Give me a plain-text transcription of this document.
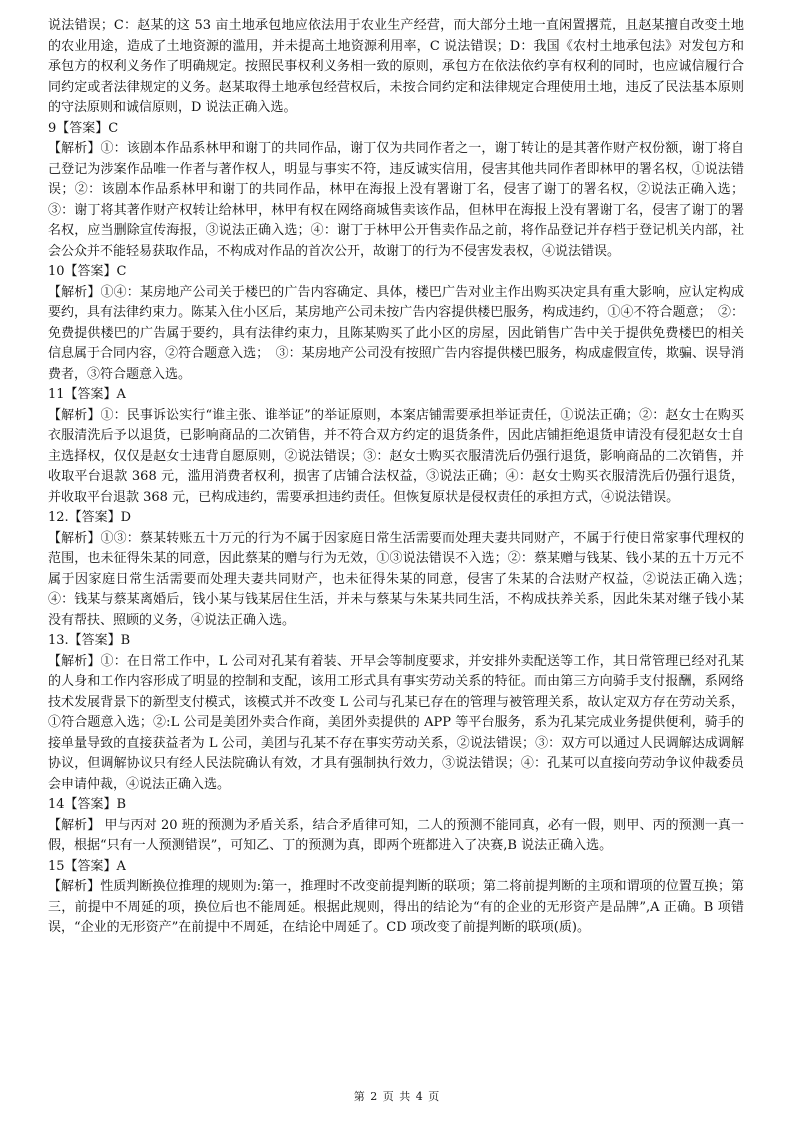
说法错误；C：赵某的这 53 亩土地承包地应依法用于农业生产经营，而大部分土地一直闲置撂荒，且赵某擅自改变土地的农业用途，造成了土地资源的滥用，并未提高土地资源利用率，C 说法错误；D：我国《农村土地承包法》对发包方和承包方的权利义务作了明确规定。按照民事权利义务相一致的原则，承包方在依法依约享有权利的同时，也应诚信履行合同约定或者法律规定的义务。赵某取得土地承包经营权后，未按合同约定和法律规定合理使用土地，违反了民法基本原则的守法原则和诚信原则，D 说法正确入选。

9【答案】C

【解析】①：该剧本作品系林甲和谢丁的共同作品，谢丁仅为共同作者之一，谢丁转让的是其著作财产权份额，谢丁将自己登记为涉案作品唯一作者与著作权人，明显与事实不符，违反诚实信用，侵害其他共同作者即林甲的署名权，①说法错误；②：该剧本作品系林甲和谢丁的共同作品，林甲在海报上没有署谢丁名，侵害了谢丁的署名权，②说法正确入选；③：谢丁将其著作财产权转让给林甲，林甲有权在网络商城售卖该作品，但林甲在海报上没有署谢丁名，侵害了谢丁的署名权，应当删除宣传海报，③说法正确入选；④：谢丁于林甲公开售卖作品之前，将作品登记并存档于登记机关内部，社会公众并不能轻易获取作品，不构成对作品的首次公开，故谢丁的行为不侵害发表权，④说法错误。

10【答案】C

【解析】①④：某房地产公司关于楼巴的广告内容确定、具体，楼巴广告对业主作出购买决定具有重大影响，应认定构成要约，具有法律约束力。陈某入住小区后，某房地产公司未按广告内容提供楼巴服务，构成违约，①④不符合题意；　②：免费提供楼巴的广告属于要约，具有法律约束力，且陈某购买了此小区的房屋，因此销售广告中关于提供免费楼巴的相关信息属于合同内容，②符合题意入选；　③：某房地产公司没有按照广告内容提供楼巴服务，构成虚假宣传，欺骗、误导消费者，③符合题意入选。

11【答案】A

【解析】①：民事诉讼实行“谁主张、谁举证”的举证原则，本案店铺需要承担举证责任，①说法正确；②：赵女士在购买衣服清洗后予以退货，已影响商品的二次销售，并不符合双方约定的退货条件，因此店铺拒绝退货申请没有侵犯赵女士自主选择权，仅仅是赵女士违背自愿原则，②说法错误；③：赵女士购买衣服清洗后仍强行退货，影响商品的二次销售，并收取平台退款 368 元，滥用消费者权利，损害了店铺合法权益，③说法正确；④：赵女士购买衣服清洗后仍强行退货，并收取平台退款 368 元，已构成违约，需要承担违约责任。但恢复原状是侵权责任的承担方式，④说法错误。

12.【答案】D

【解析】①③：蔡某转账五十万元的行为不属于因家庭日常生活需要而处理夫妻共同财产，不属于行使日常家事代理权的范围，也未征得朱某的同意，因此蔡某的赠与行为无效，①③说法错误不入选；②：蔡某赠与钱某、钱小某的五十万元不属于因家庭日常生活需要而处理夫妻共同财产，也未征得朱某的同意，侵害了朱某的合法财产权益，②说法正确入选；　④：钱某与蔡某离婚后，钱小某与钱某居住生活，并未与蔡某与朱某共同生活，不构成扶养关系，因此朱某对继子钱小某没有帮扶、照顾的义务，④说法正确入选。

13.【答案】B

【解析】①：在日常工作中，L 公司对孔某有着装、开早会等制度要求，并安排外卖配送等工作，其日常管理已经对孔某的人身和工作内容形成了明显的控制和支配，该用工形式具有事实劳动关系的特征。而由第三方向骑手支付报酬，系网络技术发展背景下的新型支付模式，该模式并不改变 L 公司与孔某已存在的管理与被管理关系，故认定双方存在劳动关系，①符合题意入选；②:L 公司是美团外卖合作商，美团外卖提供的 APP 等平台服务，系为孔某完成业务提供便利，骑手的接单量导致的直接获益者为 L 公司，美团与孔某不存在事实劳动关系，②说法错误；③：双方可以通过人民调解达成调解协议，但调解协议只有经人民法院确认有效，才具有强制执行效力，③说法错误；④：孔某可以直接向劳动争议仲裁委员会申请仲裁，④说法正确入选。

14【答案】B

【解析】 甲与丙对 20 班的预测为矛盾关系，结合矛盾律可知，二人的预测不能同真，必有一假，则甲、丙的预测一真一假，根据“只有一人预测错误”，可知乙、丁的预测为真，即两个班都进入了决赛,B 说法正确入选。

15【答案】A

【解析】性质判断换位推理的规则为:第一，推理时不改变前提判断的联项；第二将前提判断的主项和谓项的位置互换；第三，前提中不周延的项，换位后也不能周延。根据此规则，得出的结论为“有的企业的无形资产是品牌”,A 正确。B 项错误，“企业的无形资产”在前提中不周延，在结论中周延了。CD 项改变了前提判断的联项(质)。

第 2 页 共 4 页
